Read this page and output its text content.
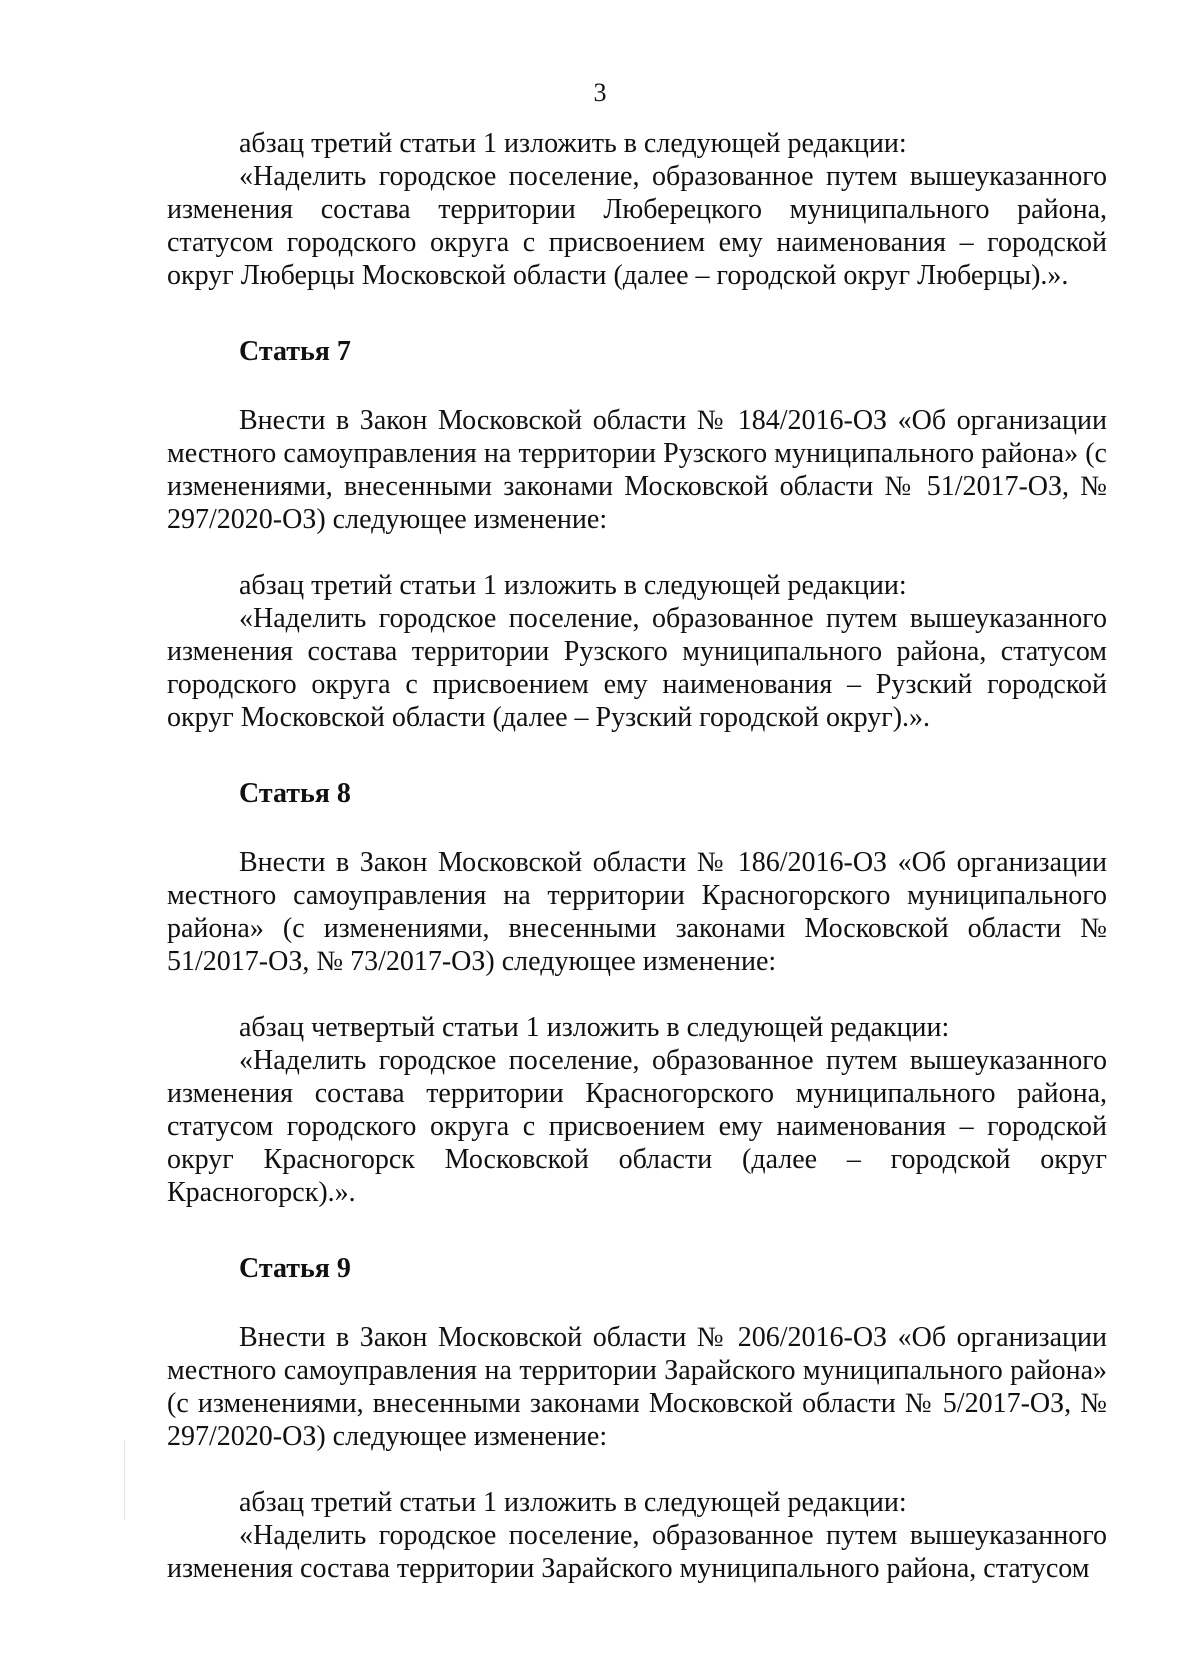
3

абзац третий статьи 1 изложить в следующей редакции:

«Наделить городское поселение, образованное путем вышеуказанного изменения состава территории Люберецкого муниципального района, статусом городского округа с присвоением ему наименования – городской округ Люберцы Московской области (далее – городской округ Люберцы).».

Статья 7

Внести в Закон Московской области № 184/2016-ОЗ «Об организации местного самоуправления на территории Рузского муниципального района» (с изменениями, внесенными законами Московской области № 51/2017-ОЗ, № 297/2020-ОЗ) следующее изменение:

абзац третий статьи 1 изложить в следующей редакции:

«Наделить городское поселение, образованное путем вышеуказанного изменения состава территории Рузского муниципального района, статусом городского округа с присвоением ему наименования – Рузский городской округ Московской области (далее – Рузский городской округ).».

Статья 8

Внести в Закон Московской области № 186/2016-ОЗ «Об организации местного самоуправления на территории Красногорского муниципального района» (с изменениями, внесенными законами Московской области № 51/2017-ОЗ, № 73/2017-ОЗ) следующее изменение:

абзац четвертый статьи 1 изложить в следующей редакции:

«Наделить городское поселение, образованное путем вышеуказанного изменения состава территории Красногорского муниципального района, статусом городского округа с присвоением ему наименования – городской округ Красногорск Московской области (далее – городской округ Красногорск).».

Статья 9

Внести в Закон Московской области № 206/2016-ОЗ «Об организации местного самоуправления на территории Зарайского муниципального района» (с изменениями, внесенными законами Московской области № 5/2017-ОЗ, № 297/2020-ОЗ) следующее изменение:

абзац третий статьи 1 изложить в следующей редакции:

«Наделить городское поселение, образованное путем вышеуказанного изменения состава территории Зарайского муниципального района, статусом
